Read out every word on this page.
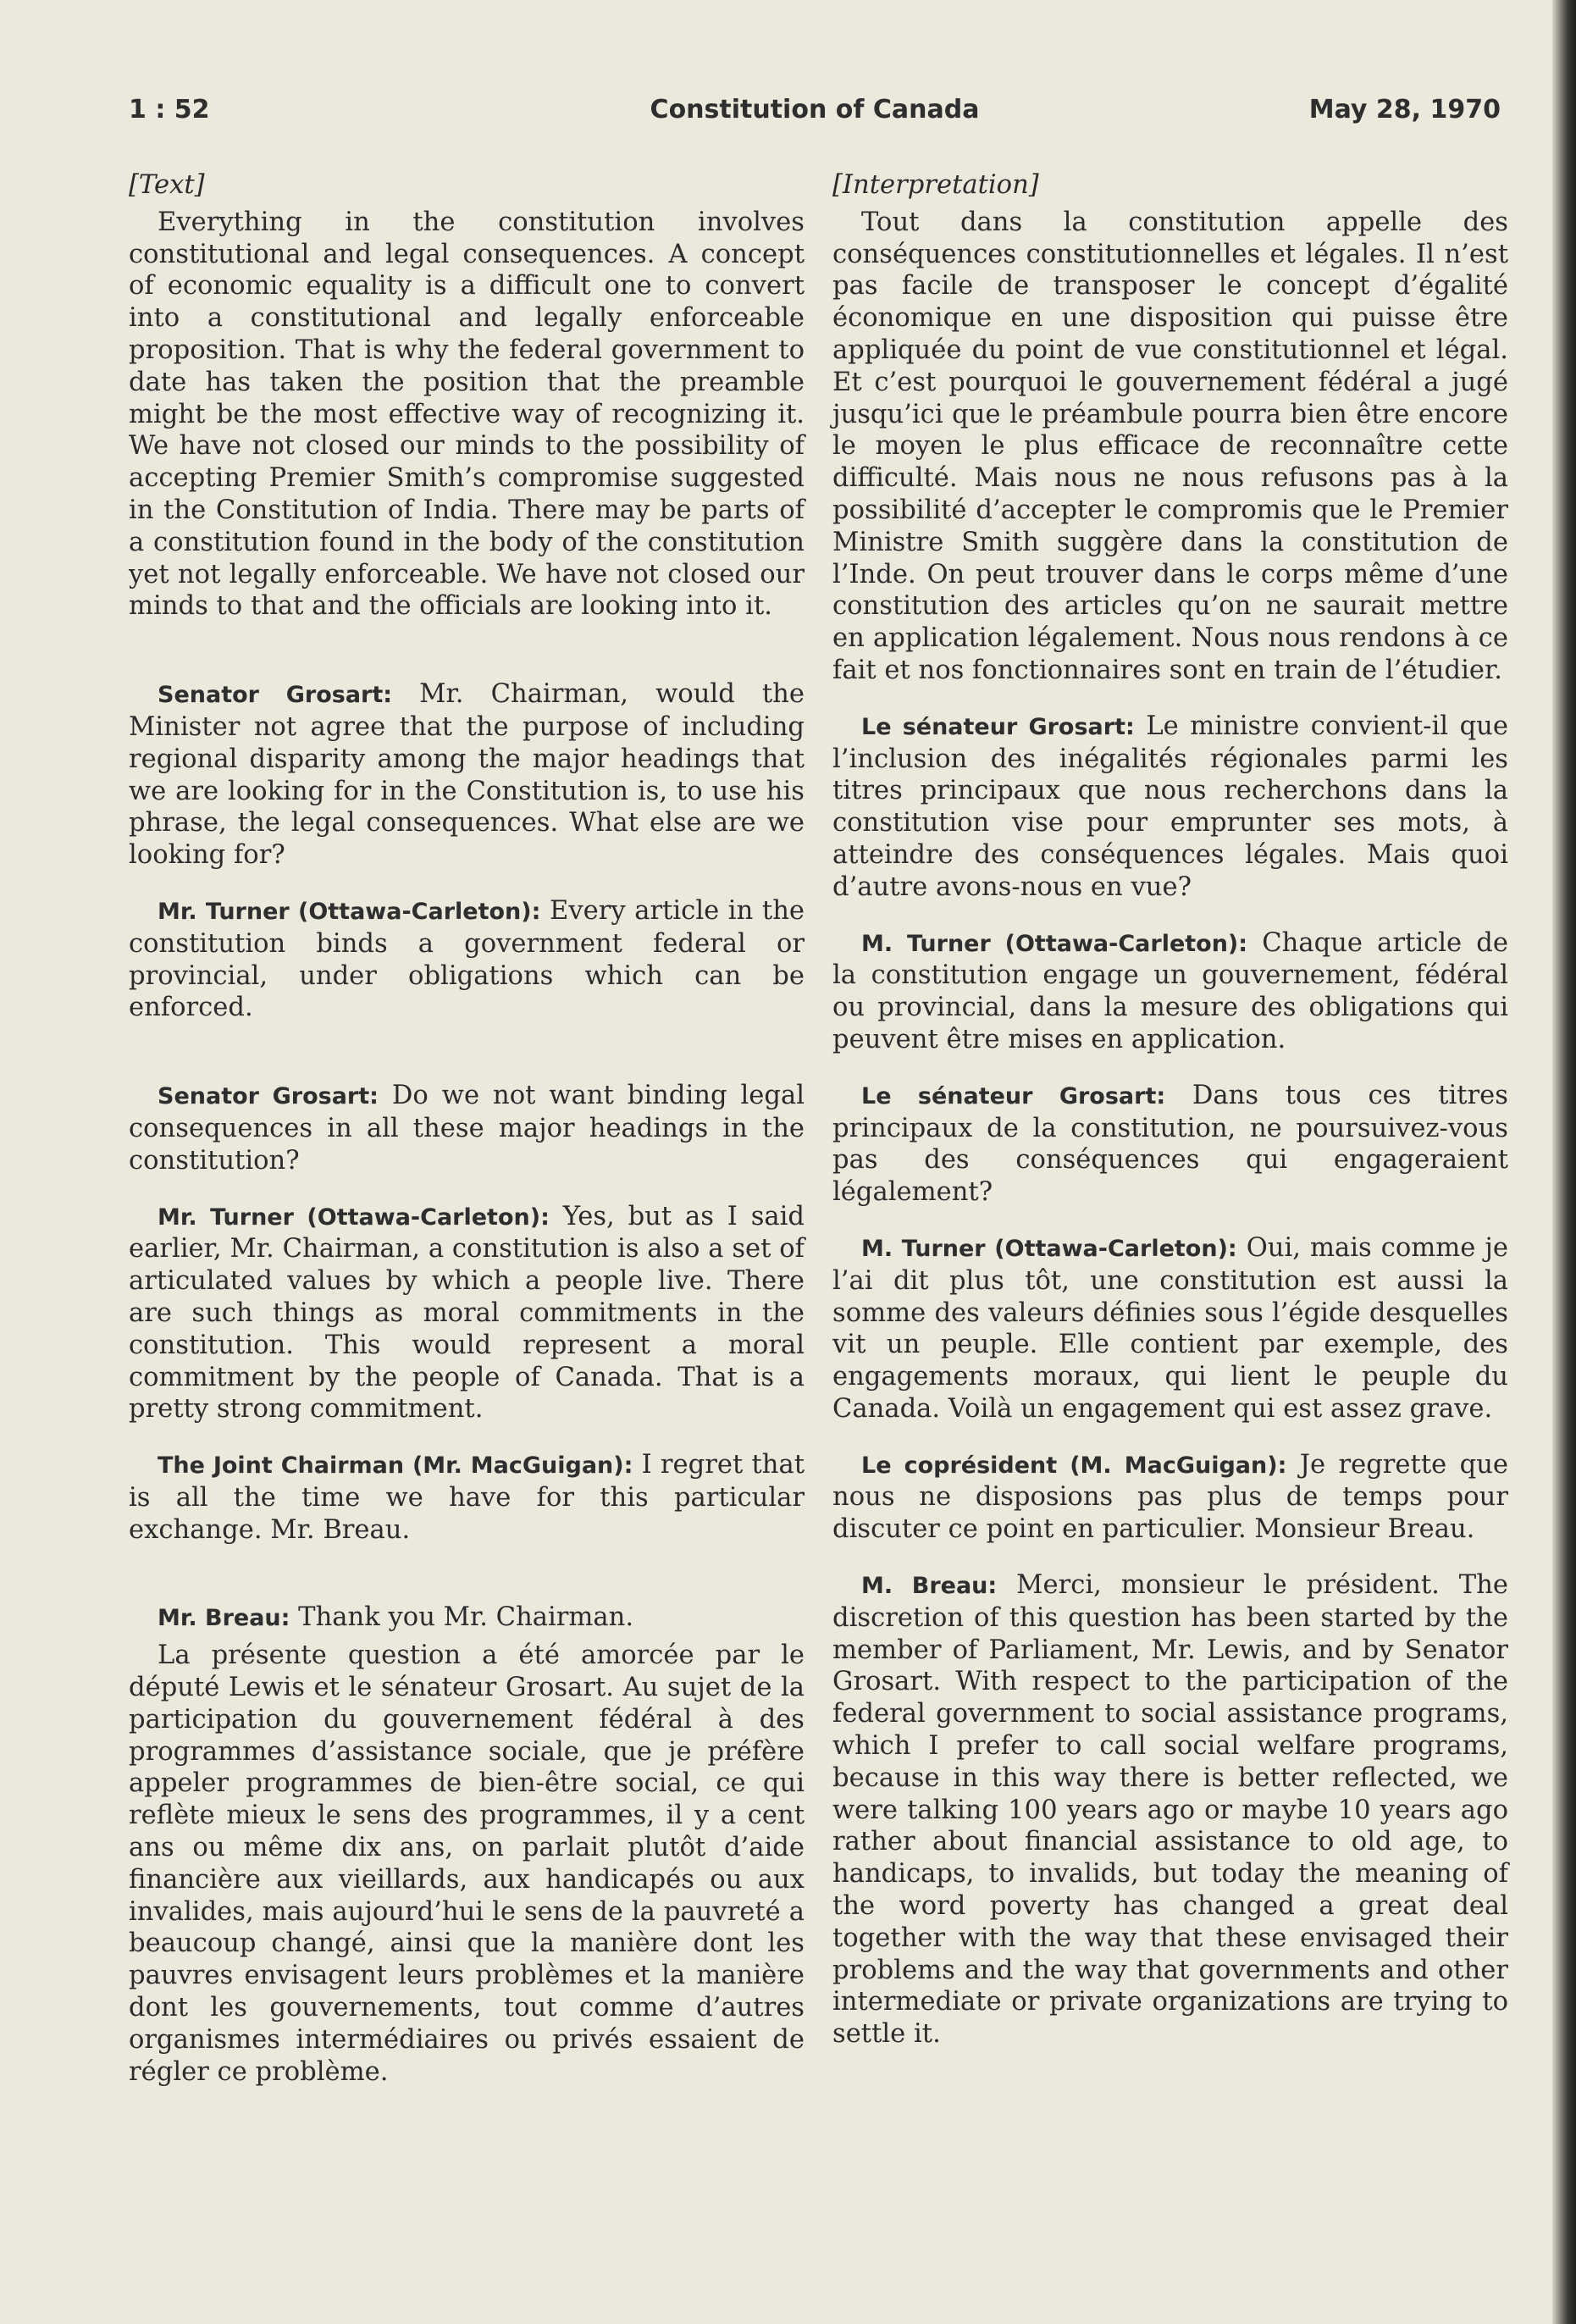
1 : 52	Constitution of Canada	May 28, 1970
[Text]

Everything in the constitution involves constitutional and legal consequences. A concept of economic equality is a difficult one to convert into a constitutional and legally enforceable proposition. That is why the federal government to date has taken the position that the preamble might be the most effective way of recognizing it. We have not closed our minds to the possibility of accepting Premier Smith’s compromise suggested in the Constitution of India. There may be parts of a constitution found in the body of the constitution yet not legally enforceable. We have not closed our minds to that and the officials are looking into it.

Senator Grosart: Mr. Chairman, would the Minister not agree that the purpose of including regional disparity among the major headings that we are looking for in the Constitution is, to use his phrase, the legal consequences. What else are we looking for?

Mr. Turner (Ottawa-Carleton): Every article in the constitution binds a government federal or provincial, under obligations which can be enforced.

Senator Grosart: Do we not want binding legal consequences in all these major headings in the constitution?

Mr. Turner (Ottawa-Carleton): Yes, but as I said earlier, Mr. Chairman, a constitution is also a set of articulated values by which a people live. There are such things as moral commitments in the constitution. This would represent a moral commitment by the people of Canada. That is a pretty strong commitment.

The Joint Chairman (Mr. MacGuigan): I regret that is all the time we have for this particular exchange. Mr. Breau.

Mr. Breau: Thank you Mr. Chairman.

La présente question a été amorcée par le député Lewis et le sénateur Grosart. Au sujet de la participation du gouvernement fédéral à des programmes d’assistance sociale, que je préfère appeler programmes de bien-être social, ce qui reflète mieux le sens des programmes, il y a cent ans ou même dix ans, on parlait plutôt d’aide financière aux vieillards, aux handicapés ou aux invalides, mais aujourd’hui le sens de la pauvreté a beaucoup changé, ainsi que la manière dont les pauvres envisagent leurs problèmes et la manière dont les gouvernements, tout comme d’autres organismes intermédiaires ou privés essaient de régler ce problème.

[Interpretation]

Tout dans la constitution appelle des conséquences constitutionnelles et légales. Il n’est pas facile de transposer le concept d’égalité économique en une disposition qui puisse être appliquée du point de vue constitutionnel et légal. Et c’est pourquoi le gouvernement fédéral a jugé jusqu’ici que le préambule pourra bien être encore le moyen le plus efficace de reconnaître cette difficulté. Mais nous ne nous refusons pas à la possibilité d’accepter le compromis que le Premier Ministre Smith suggère dans la constitution de l’Inde. On peut trouver dans le corps même d’une constitution des articles qu’on ne saurait mettre en application légalement. Nous nous rendons à ce fait et nos fonctionnaires sont en train de l’étudier.

Le sénateur Grosart: Le ministre convient-il que l’inclusion des inégalités régionales parmi les titres principaux que nous recherchons dans la constitution vise pour emprunter ses mots, à atteindre des conséquences légales. Mais quoi d’autre avons-nous en vue?

M. Turner (Ottawa-Carleton): Chaque article de la constitution engage un gouvernement, fédéral ou provincial, dans la mesure des obligations qui peuvent être mises en application.

Le sénateur Grosart: Dans tous ces titres principaux de la constitution, ne poursuivez-vous pas des conséquences qui engageraient légalement?

M. Turner (Ottawa-Carleton): Oui, mais comme je l’ai dit plus tôt, une constitution est aussi la somme des valeurs définies sous l’égide desquelles vit un peuple. Elle contient par exemple, des engagements moraux, qui lient le peuple du Canada. Voilà un engagement qui est assez grave.

Le coprésident (M. MacGuigan): Je regrette que nous ne disposions pas plus de temps pour discuter ce point en particulier. Monsieur Breau.

M. Breau: Merci, monsieur le président. The discretion of this question has been started by the member of Parliament, Mr. Lewis, and by Senator Grosart. With respect to the participation of the federal government to social assistance programs, which I prefer to call social welfare programs, because in this way there is better reflected, we were talking 100 years ago or maybe 10 years ago rather about financial assistance to old age, to handicaps, to invalids, but today the meaning of the word poverty has changed a great deal together with the way that these envisaged their problems and the way that governments and other intermediate or private organizations are trying to settle it.
